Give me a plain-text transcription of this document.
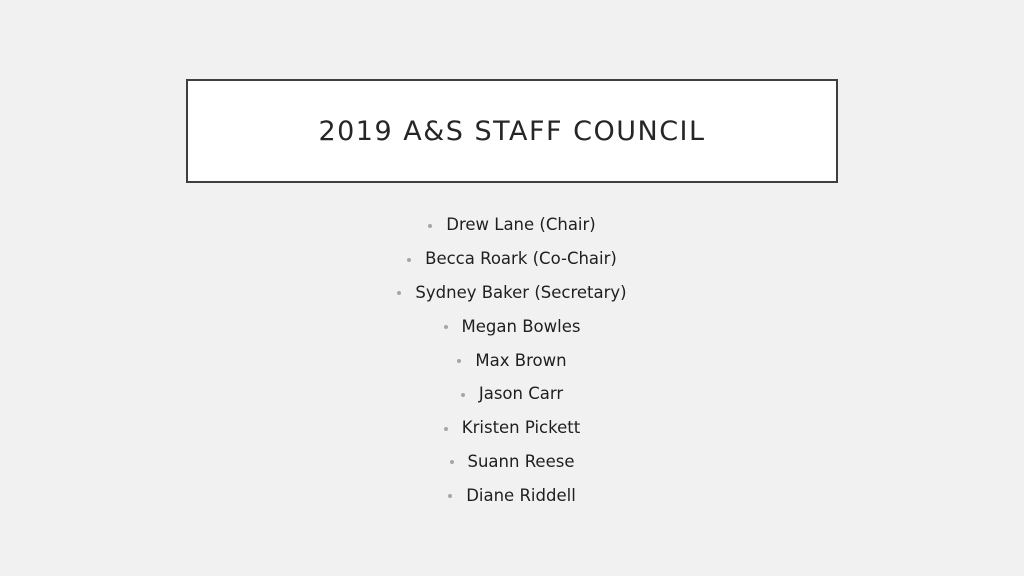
2019 A&S STAFF COUNCIL
Drew Lane (Chair)
Becca Roark (Co-Chair)
Sydney Baker (Secretary)
Megan Bowles
Max Brown
Jason Carr
Kristen Pickett
Suann Reese
Diane Riddell
